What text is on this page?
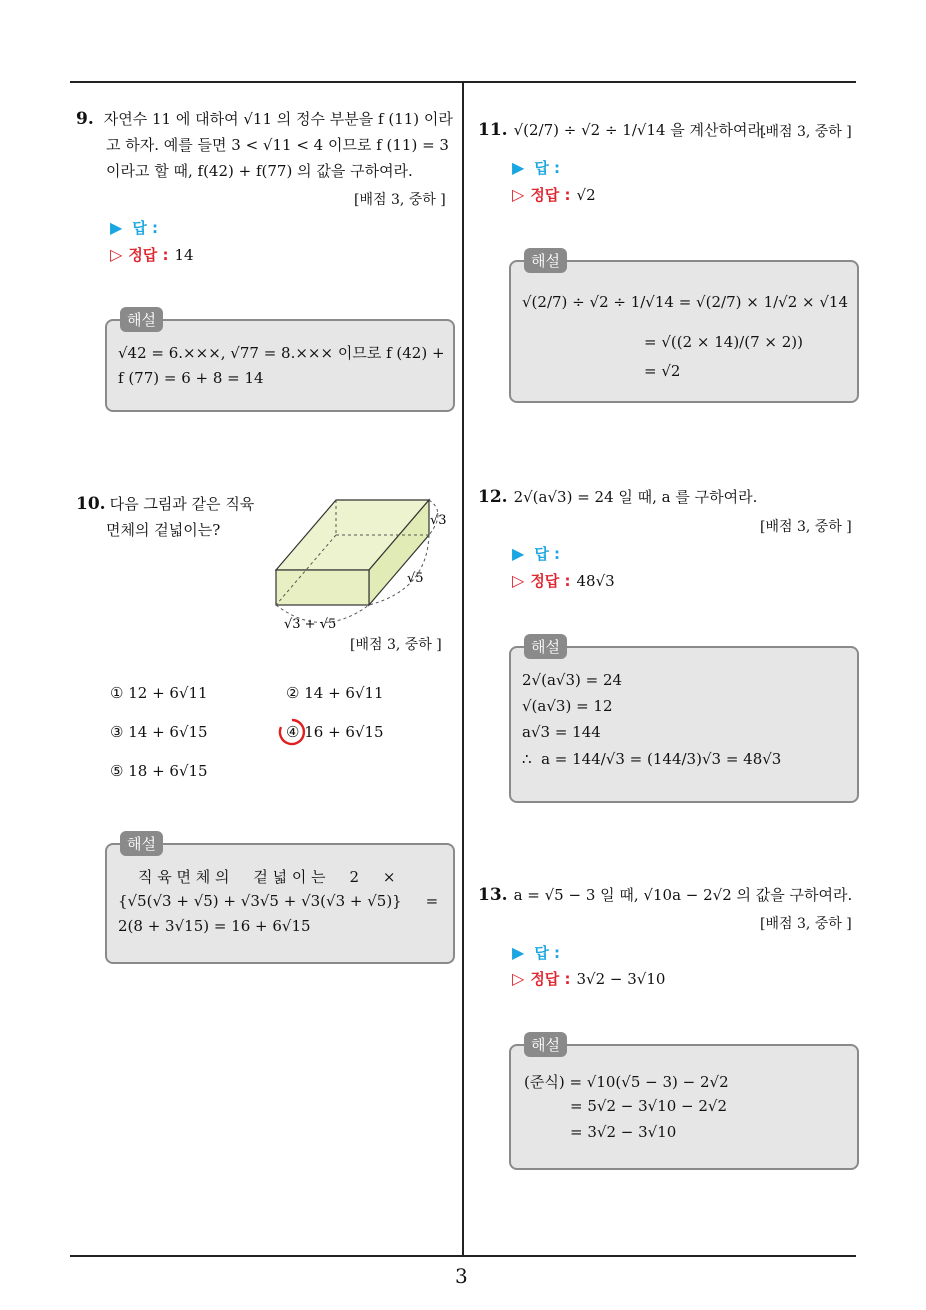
3
9. 자연수 11 에 대하여 √11 의 정수 부분을 f (11) 이라
고 하자. 예를 들면 3 < √11 < 4 이므로 f (11) = 3
이라고 할 때, f(42) + f(77) 의 값을 구하여라.
[배점 3, 중하 ]
▶ 답 :
▷ 정답 : 14
해설
√42 = 6.×××, √77 = 8.××× 이므로 f (42) +
f (77) = 6 + 8 = 14
10. 다음 그림과 같은 직육
면체의 겉넓이는?
√3
√5
√3 + √5
[배점 3, 중하 ]
① 12 + 6√11	② 14 + 6√11
③ 14 + 6√15	④ 16 + 6√15
⑤ 18 + 6√15
해설
직 육 면 체 의     겉 넓 이 는     2     ×
{√5(√3 + √5) + √3√5 + √3(√3 + √5)}     =
2(8 + 3√15) = 16 + 6√15
11. √(2/7) ÷ √2 ÷ 1/√14 을 계산하여라.
[배점 3, 중하 ]
▶ 답 :
▷ 정답 : √2
해설
√(2/7) ÷ √2 ÷ 1/√14 = √(2/7) × 1/√2 × √14
= √((2 × 14)/(7 × 2))
= √2
12. 2√(a√3) = 24 일 때, a 를 구하여라.
[배점 3, 중하 ]
▶ 답 :
▷ 정답 : 48√3
해설
2√(a√3) = 24
√(a√3) = 12
a√3 = 144
∴  a = 144/√3 = (144/3)√3 = 48√3
13. a = √5 − 3 일 때, √10a − 2√2 의 값을 구하여라.
[배점 3, 중하 ]
▶ 답 :
▷ 정답 : 3√2 − 3√10
해설
(준식) = √10(√5 − 3) − 2√2
= 5√2 − 3√10 − 2√2
= 3√2 − 3√10
